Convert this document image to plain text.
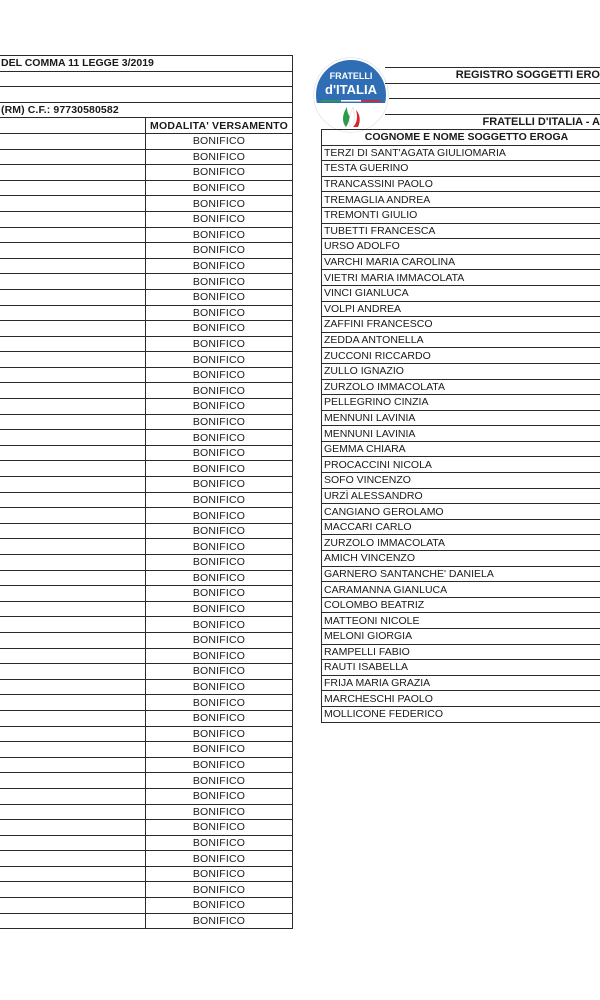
DEL COMMA 11 LEGGE 3/2019	

(RM) C.F.: 97730580582	
	MODALITA' VERSAMENTO
	BONIFICO
	BONIFICO
	BONIFICO
	BONIFICO
	BONIFICO
	BONIFICO
	BONIFICO
	BONIFICO
	BONIFICO
	BONIFICO
	BONIFICO
	BONIFICO
	BONIFICO
	BONIFICO
	BONIFICO
	BONIFICO
	BONIFICO
	BONIFICO
	BONIFICO
	BONIFICO
	BONIFICO
	BONIFICO
	BONIFICO
	BONIFICO
	BONIFICO
	BONIFICO
	BONIFICO
	BONIFICO
	BONIFICO
	BONIFICO
	BONIFICO
	BONIFICO
	BONIFICO
	BONIFICO
	BONIFICO
	BONIFICO
	BONIFICO
	BONIFICO
	BONIFICO
	BONIFICO
	BONIFICO
	BONIFICO
	BONIFICO
	BONIFICO
	BONIFICO
	BONIFICO
	BONIFICO
	BONIFICO
	BONIFICO
	BONIFICO
	BONIFICO
FRATELLI
d'ITALIA
REGISTRO SOGGETTI ERO
FRATELLI D'ITALIA - A
COGNOME E NOME SOGGETTO EROGA
TERZI DI SANT'AGATA GIULIOMARIA
TESTA GUERINO
TRANCASSINI PAOLO
TREMAGLIA ANDREA
TREMONTI GIULIO
TUBETTI FRANCESCA
URSO ADOLFO
VARCHI MARIA CAROLINA
VIETRI MARIA IMMACOLATA
VINCI GIANLUCA
VOLPI ANDREA
ZAFFINI FRANCESCO
ZEDDA ANTONELLA
ZUCCONI RICCARDO
ZULLO IGNAZIO
ZURZOLO IMMACOLATA
PELLEGRINO CINZIA
MENNUNI LAVINIA
MENNUNI LAVINIA
GEMMA CHIARA
PROCACCINI NICOLA
SOFO VINCENZO
URZÌ ALESSANDRO
CANGIANO GEROLAMO
MACCARI CARLO
ZURZOLO IMMACOLATA
AMICH VINCENZO
GARNERO SANTANCHE' DANIELA
CARAMANNA GIANLUCA
COLOMBO BEATRIZ
MATTEONI NICOLE
MELONI GIORGIA
RAMPELLI FABIO
RAUTI ISABELLA
FRIJA MARIA GRAZIA
MARCHESCHI PAOLO
MOLLICONE FEDERICO
